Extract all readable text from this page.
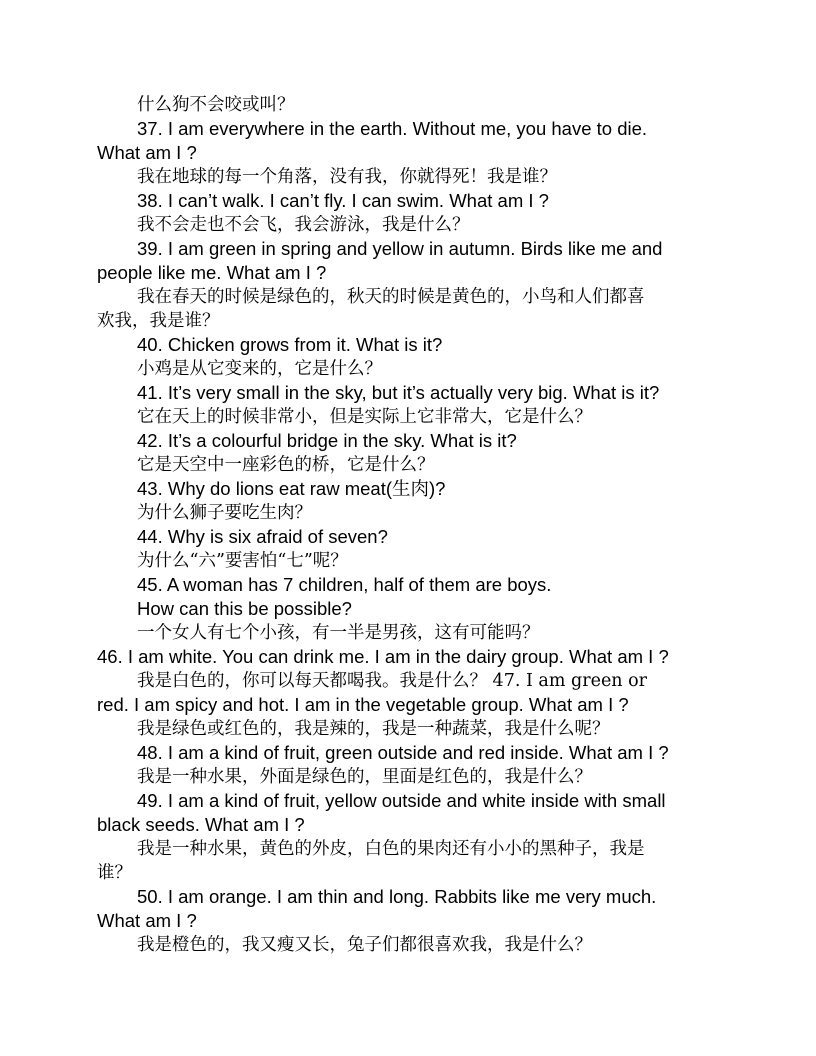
什么狗不会咬或叫？
37. I am everywhere in the earth. Without me, you have to die.
What am I ?
我在地球的每一个角落，没有我，你就得死！我是谁？
38. I can’t walk. I can’t fly. I can swim. What am I ?
我不会走也不会飞，我会游泳，我是什么？
39. I am green in spring and yellow in autumn. Birds like me and
people like me. What am I ?
我在春天的时候是绿色的，秋天的时候是黄色的，小鸟和人们都喜
欢我，我是谁？
40. Chicken grows from it. What is it?
小鸡是从它变来的，它是什么？
41. It’s very small in the sky, but it’s actually very big. What is it?
它在天上的时候非常小，但是实际上它非常大，它是什么？
42. It’s a colourful bridge in the sky. What is it?
它是天空中一座彩色的桥，它是什么？
43. Why do lions eat raw meat(生肉)?
为什么狮子要吃生肉？
44. Why is six afraid of seven?
为什么“六”要害怕“七”呢？
45. A woman has 7 children, half of them are boys.
How can this be possible?
一个女人有七个小孩，有一半是男孩，这有可能吗？
46. I am white. You can drink me. I am in the dairy group. What am I ?
我是白色的，你可以每天都喝我。我是什么？ 47. I am green or
red. I am spicy and hot. I am in the vegetable group. What am I ?
我是绿色或红色的，我是辣的，我是一种蔬菜，我是什么呢？
48. I am a kind of fruit, green outside and red inside. What am I ?
我是一种水果，外面是绿色的，里面是红色的，我是什么？
49. I am a kind of fruit, yellow outside and white inside with small
black seeds. What am I ?
我是一种水果，黄色的外皮，白色的果肉还有小小的黑种子，我是
谁？
50. I am orange. I am thin and long. Rabbits like me very much.
What am I ?
我是橙色的，我又瘦又长，兔子们都很喜欢我，我是什么？
